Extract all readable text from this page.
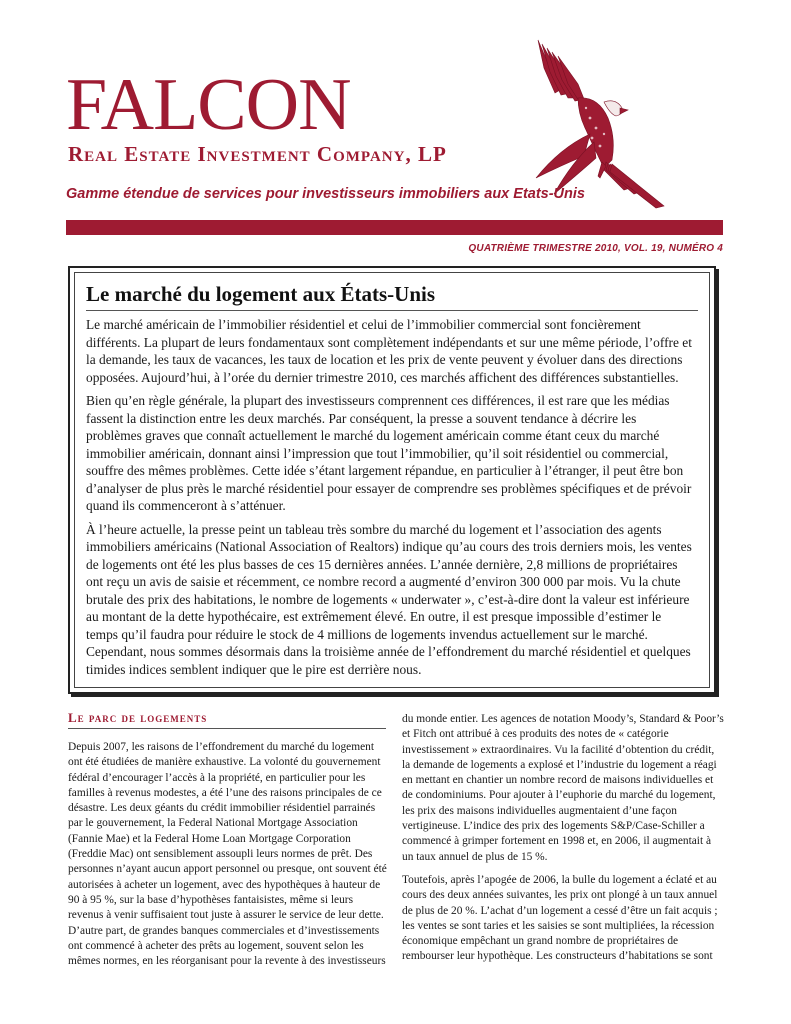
FALCON
Real Estate Investment Company, LP
Gamme étendue de services pour investisseurs immobiliers aux Etats-Unis
QUATRIÈME TRIMESTRE 2010, VOL. 19, NUMÉRO 4
Le marché du logement aux États-Unis

Le marché américain de l’immobilier résidentiel et celui de l’immobilier commercial sont foncièrement différents. La plupart de leurs fondamentaux sont complètement indépendants et sur une même période, l’offre et la demande, les taux de vacances, les taux de location et les prix de vente peuvent y évoluer dans des directions opposées. Aujourd’hui, à l’orée du dernier trimestre 2010, ces marchés affichent des différences substantielles.

Bien qu’en règle générale, la plupart des investisseurs comprennent ces différences, il est rare que les médias fassent la distinction entre les deux marchés. Par conséquent, la presse a souvent tendance à décrire les problèmes graves que connaît actuellement le marché du logement américain comme étant ceux du marché immobilier américain, donnant ainsi l’impression que tout l’immobilier, qu’il soit résidentiel ou commercial, souffre des mêmes problèmes. Cette idée s’étant largement répandue, en particulier à l’étranger, il peut être bon d’analyser de plus près le marché résidentiel pour essayer de comprendre ses problèmes spécifiques et de prévoir quand ils commenceront à s’atténuer.

À l’heure actuelle, la presse peint un tableau très sombre du marché du logement et l’association des agents immobiliers américains (National Association of Realtors) indique qu’au cours des trois derniers mois, les ventes de logements ont été les plus basses de ces 15 dernières années. L’année dernière, 2,8 millions de propriétaires ont reçu un avis de saisie et récemment, ce nombre record a augmenté d’environ 300 000 par mois. Vu la chute brutale des prix des habitations, le nombre de logements « underwater », c’est-à-dire dont la valeur est inférieure au montant de la dette hypothécaire, est extrêmement élevé. En outre, il est presque impossible d’estimer le temps qu’il faudra pour réduire le stock de 4 millions de logements invendus actuellement sur le marché. Cependant, nous sommes désormais dans la troisième année de l’effondrement du marché résidentiel et quelques timides indices semblent indiquer que le pire est derrière nous.

Le parc de logements

Depuis 2007, les raisons de l’effondrement du marché du logement ont été étudiées de manière exhaustive. La volonté du gouvernement fédéral d’encourager l’accès à la propriété, en particulier pour les familles à revenus modestes, a été l’une des raisons principales de ce désastre. Les deux géants du crédit immobilier résidentiel parrainés par le gouvernement, la Federal National Mortgage Association (Fannie Mae) et la Federal Home Loan Mortgage Corporation (Freddie Mac) ont sensiblement assoupli leurs normes de prêt. Des personnes n’ayant aucun apport personnel ou presque, ont souvent été autorisées à acheter un logement, avec des hypothèques à hauteur de 90 à 95 %, sur la base d’hypothèses fantaisistes, même si leurs revenus à venir suffisaient tout juste à assurer le service de leur dette. D’autre part, de grandes banques commerciales et d’investissements ont commencé à acheter des prêts au logement, souvent selon les mêmes normes, en les réorganisant pour la revente à des investisseurs

du monde entier. Les agences de notation Moody’s, Standard & Poor’s et Fitch ont attribué à ces produits des notes de « catégorie investissement » extraordinaires. Vu la facilité d’obtention du crédit, la demande de logements a explosé et l’industrie du logement a réagi en mettant en chantier un nombre record de maisons individuelles et de condominiums. Pour ajouter à l’euphorie du marché du logement, les prix des maisons individuelles augmentaient d’une façon vertigineuse. L’indice des prix des logements S&P/Case-Schiller a commencé à grimper fortement en 1998 et, en 2006, il augmentait à un taux annuel de plus de 15 %.

Toutefois, après l’apogée de 2006, la bulle du logement a éclaté et au cours des deux années suivantes, les prix ont plongé à un taux annuel de plus de 20 %. L’achat d’un logement a cessé d’être un fait acquis ; les ventes se sont taries et les saisies se sont multipliées, la récession économique empêchant un grand nombre de propriétaires de rembourser leur hypothèque. Les constructeurs d’habitations se sont
